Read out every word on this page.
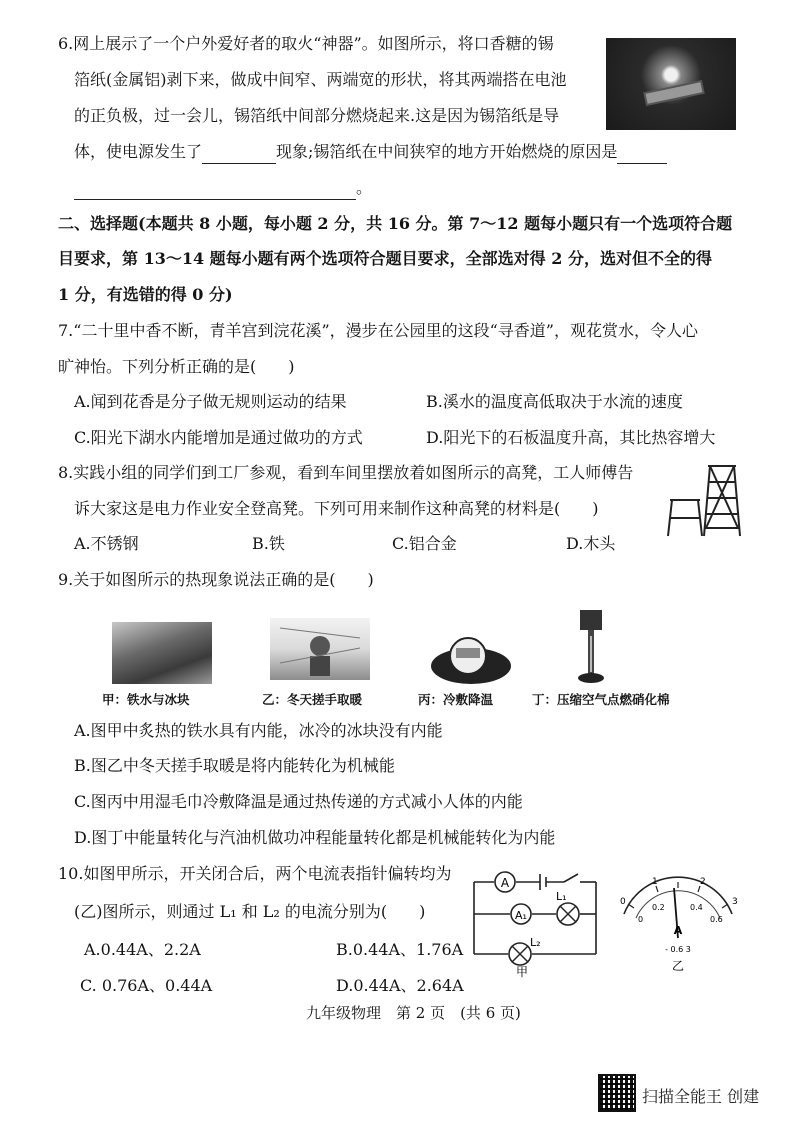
6.网上展示了一个户外爱好者的取火“神器”。如图所示，将口香糖的锡
箔纸(金属铝)剥下来，做成中间窄、两端宽的形状，将其两端搭在电池
的正负极，过一会儿，锡箔纸中间部分燃烧起来.这是因为锡箔纸是导
体，使电源发生了	现象;锡箔纸在中间狭窄的地方开始燃烧的原因是
。
二、选择题(本题共 8 小题，每小题 2 分，共 16 分。第 7～12 题每小题只有一个选项符合题
目要求，第 13～14 题每小题有两个选项符合题目要求，全部选对得 2 分，选对但不全的得
1 分，有选错的得 0 分)
7.“二十里中香不断，青羊宫到浣花溪”，漫步在公园里的这段“寻香道”，观花赏水，令人心
旷神怡。下列分析正确的是(　　)
A.闻到花香是分子做无规则运动的结果	B.溪水的温度高低取决于水流的速度
C.阳光下湖水内能增加是通过做功的方式	D.阳光下的石板温度升高，其比热容增大
8.实践小组的同学们到工厂参观，看到车间里摆放着如图所示的高凳，工人师傅告
诉大家这是电力作业安全登高凳。下列可用来制作这种高凳的材料是(　　)
A.不锈钢	B.铁	C.铝合金	D.木头
9.关于如图所示的热现象说法正确的是(　　)
甲：铁水与冰块	乙：冬天搓手取暖	丙：冷敷降温	丁：压缩空气点燃硝化棉
A.图甲中炙热的铁水具有内能，冰冷的冰块没有内能
B.图乙中冬天搓手取暖是将内能转化为机械能
C.图丙中用湿毛巾冷敷降温是通过热传递的方式减小人体的内能
D.图丁中能量转化与汽油机做功冲程能量转化都是机械能转化为内能
10.如图甲所示，开关闭合后，两个电流表指针偏转均为
(乙)图所示，则通过 L₁ 和 L₂ 的电流分别为(　　)
A.0.44A、2.2A	B.0.44A、1.76A
C. 0.76A、0.44A	D.0.44A、2.64A
A
A₁
L₁
L₂
甲
0
1	2
3
0
0.2	0.4
0.6
A
- 0.6 3
乙
九年级物理　第 2 页　(共 6 页)
扫描全能王 创建
